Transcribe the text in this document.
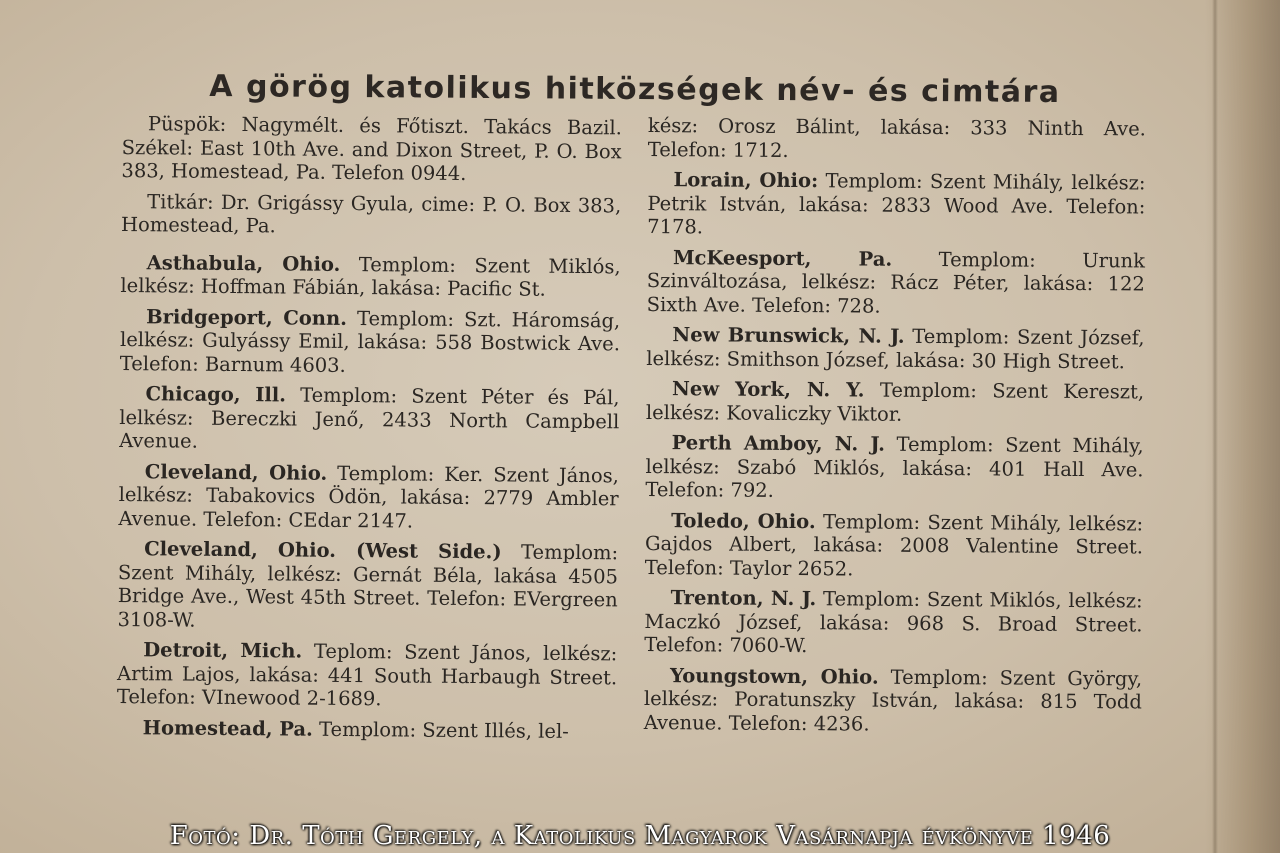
A görög katolikus hitközségek név- és cimtára

Püspök: Nagymélt. és Főtiszt. Takács Bazil. Székel: East 10th Ave. and Dixon Street, P. O. Box 383, Homestead, Pa. Telefon 0944.

Titkár: Dr. Grigássy Gyula, cime: P. O. Box 383, Homestead, Pa.

Asthabula, Ohio. Templom: Szent Miklós, lelkész: Hoffman Fábián, lakása: Pacific St.

Bridgeport, Conn. Templom: Szt. Háromság, lelkész: Gulyássy Emil, lakása: 558 Bostwick Ave. Telefon: Barnum 4603.

Chicago, Ill. Templom: Szent Péter és Pál, lelkész: Bereczki Jenő, 2433 North Campbell Avenue.

Cleveland, Ohio. Templom: Ker. Szent János, lelkész: Tabakovics Ödön, lakása: 2779 Ambler Avenue. Telefon: CEdar 2147.

Cleveland, Ohio. (West Side.) Templom: Szent Mihály, lelkész: Gernát Béla, lakása 4505 Bridge Ave., West 45th Street. Telefon: EVergreen 3108-W.

Detroit, Mich. Teplom: Szent János, lelkész: Artim Lajos, lakása: 441 South Harbaugh Street. Telefon: VInewood 2-1689.

Homestead, Pa. Templom: Szent Illés, lel-

kész: Orosz Bálint, lakása: 333 Ninth Ave. Telefon: 1712.

Lorain, Ohio: Templom: Szent Mihály, lelkész: Petrik István, lakása: 2833 Wood Ave. Telefon: 7178.

McKeesport, Pa. Templom: Urunk Szinváltozása, lelkész: Rácz Péter, lakása: 122 Sixth Ave. Telefon: 728.

New Brunswick, N. J. Templom: Szent József, lelkész: Smithson József, lakása: 30 High Street.

New York, N. Y. Templom: Szent Kereszt, lelkész: Kovaliczky Viktor.

Perth Amboy, N. J. Templom: Szent Mihály, lelkész: Szabó Miklós, lakása: 401 Hall Ave. Telefon: 792.

Toledo, Ohio. Templom: Szent Mihály, lelkész: Gajdos Albert, lakása: 2008 Valentine Street. Telefon: Taylor 2652.

Trenton, N. J. Templom: Szent Miklós, lelkész: Maczkó József, lakása: 968 S. Broad Street. Telefon: 7060-W.

Youngstown, Ohio. Templom: Szent György, lelkész: Poratunszky István, lakása: 815 Todd Avenue. Telefon: 4236.

Fotó: Dr. Tóth Gergely, a Katolikus Magyarok Vasárnapja évkönyve 1946
